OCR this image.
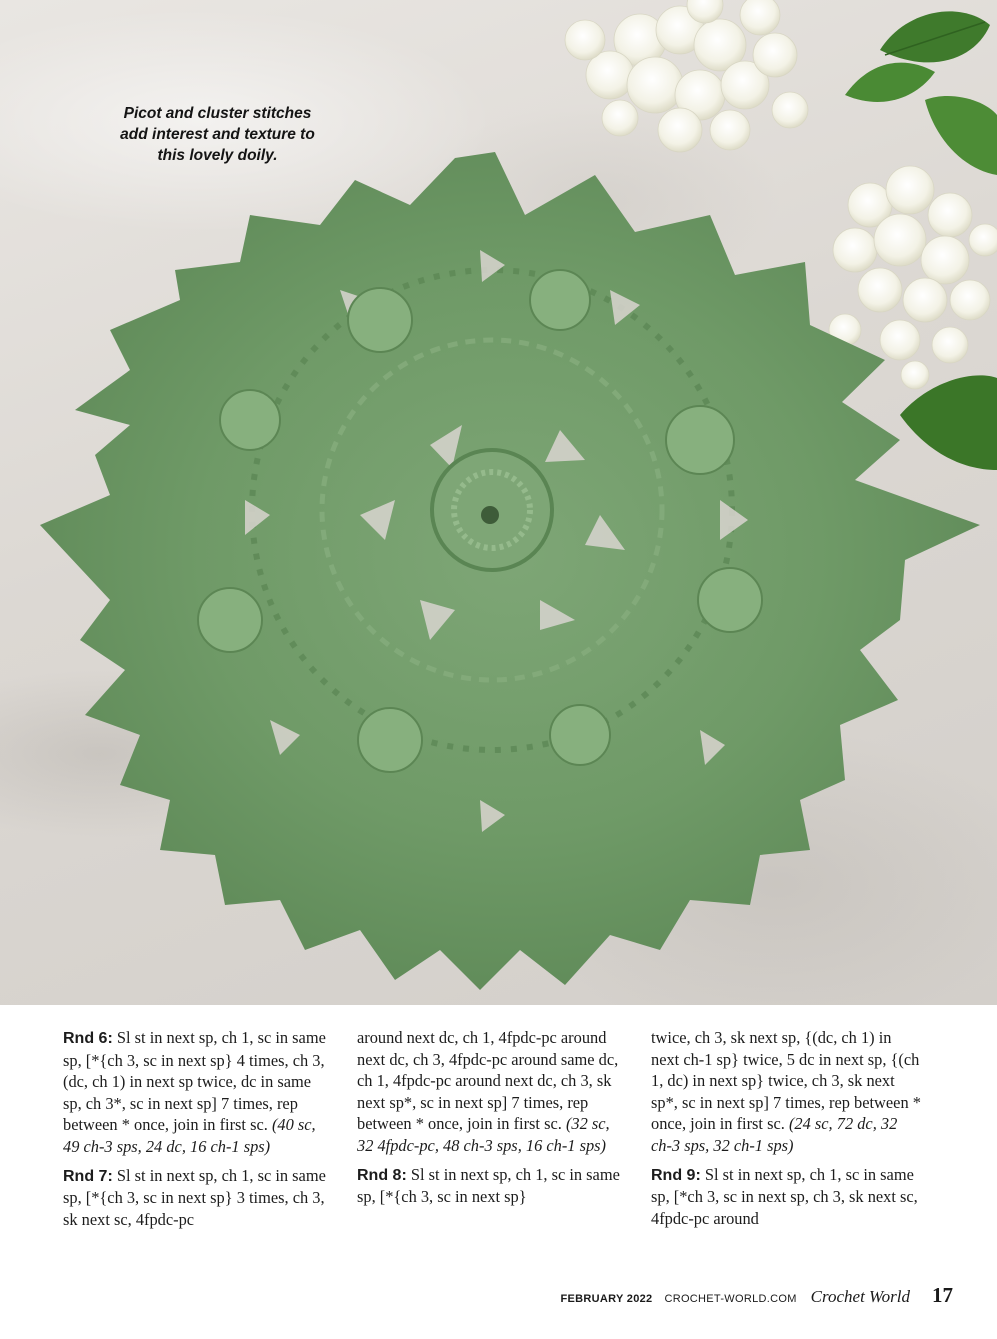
Picot and cluster stitches
add interest and texture to
this lovely doily.

Rnd 6: Sl st in next sp, ch 1, sc in same sp, [*{ch 3, sc in next sp} 4 times, ch 3, (dc, ch 1) in next sp twice, dc in same sp, ch 3*, sc in next sp] 7 times, rep between * once, join in first sc. (40 sc, 49 ch-3 sps, 24 dc, 16 ch-1 sps)

Rnd 7: Sl st in next sp, ch 1, sc in same sp, [*{ch 3, sc in next sp} 3 times, ch 3, sk next sc, 4fpdc-pc

around next dc, ch 1, 4fpdc-pc around next dc, ch 3, 4fpdc-pc around same dc, ch 1, 4fpdc-pc around next dc, ch 3, sk next sp*, sc in next sp] 7 times, rep between * once, join in first sc. (32 sc, 32 4fpdc-pc, 48 ch-3 sps, 16 ch-1 sps)

Rnd 8: Sl st in next sp, ch 1, sc in same sp, [*{ch 3, sc in next sp}

twice, ch 3, sk next sp, {(dc, ch 1) in next ch-1 sp} twice, 5 dc in next sp, {(ch 1, dc) in next sp} twice, ch 3, sk next sp*, sc in next sp] 7 times, rep between * once, join in first sc. (24 sc, 72 dc, 32 ch-3 sps, 32 ch-1 sps)

Rnd 9: Sl st in next sp, ch 1, sc in same sp, [*ch 3, sc in next sp, ch 3, sk next sc, 4fpdc-pc around

FEBRUARY 2022 CROCHET-WORLD.COM Crochet World 17
